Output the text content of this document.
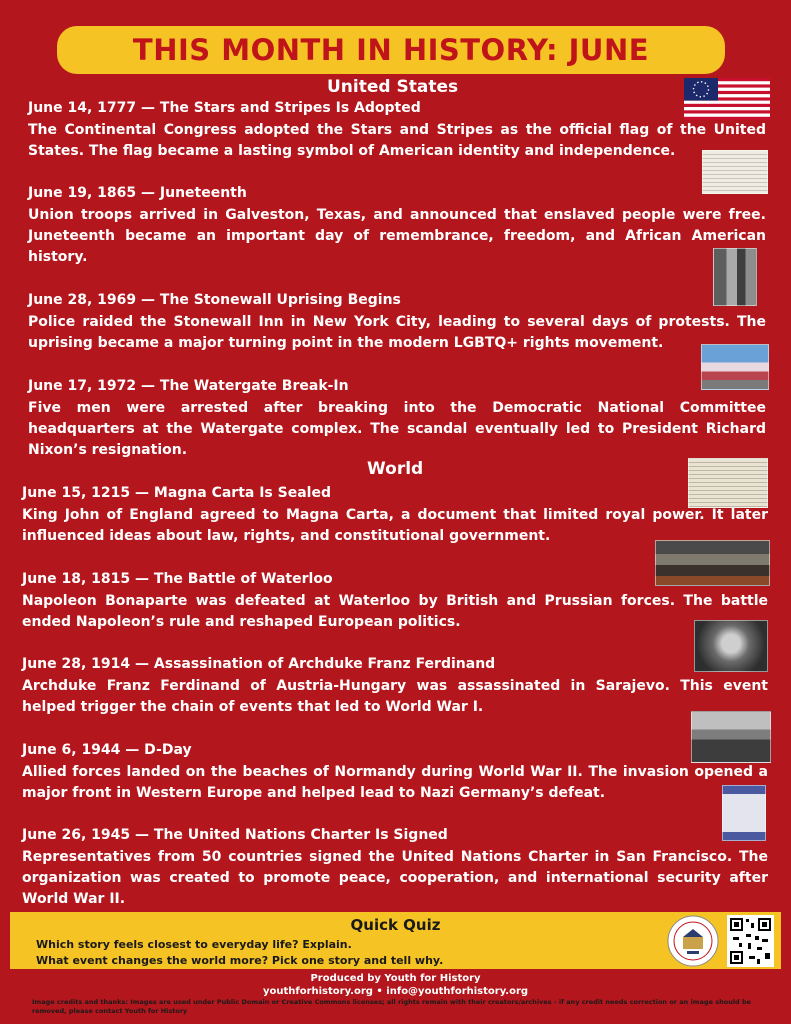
THIS MONTH IN HISTORY: JUNE
United States
June 14, 1777 — The Stars and Stripes Is Adopted

The Continental Congress adopted the Stars and Stripes as the official flag of the United States. The flag became a lasting symbol of American identity and independence.

June 19, 1865 — Juneteenth

Union troops arrived in Galveston, Texas, and announced that enslaved people were free. Juneteenth became an important day of remembrance, freedom, and African American history.

June 28, 1969 — The Stonewall Uprising Begins

Police raided the Stonewall Inn in New York City, leading to several days of protests. The uprising became a major turning point in the modern LGBTQ+ rights movement.

June 17, 1972 — The Watergate Break-In

Five men were arrested after breaking into the Democratic National Committee headquarters at the Watergate complex. The scandal eventually led to President Richard Nixon’s resignation.

World
June 15, 1215 — Magna Carta Is Sealed

King John of England agreed to Magna Carta, a document that limited royal power. It later influenced ideas about law, rights, and constitutional government.

June 18, 1815 — The Battle of Waterloo

Napoleon Bonaparte was defeated at Waterloo by British and Prussian forces. The battle ended Napoleon’s rule and reshaped European politics.

June 28, 1914 — Assassination of Archduke Franz Ferdinand

Archduke Franz Ferdinand of Austria-Hungary was assassinated in Sarajevo. This event helped trigger the chain of events that led to World War I.

June 6, 1944 — D-Day

Allied forces landed on the beaches of Normandy during World War II. The invasion opened a major front in Western Europe and helped lead to Nazi Germany’s defeat.

June 26, 1945 — The United Nations Charter Is Signed

Representatives from 50 countries signed the United Nations Charter in San Francisco. The organization was created to promote peace, cooperation, and international security after World War II.

Quick Quiz
Which story feels closest to everyday life? Explain.
What event changes the world more? Pick one story and tell why.
Produced by Youth for History
youthforhistory.org • info@youthforhistory.org
Image credits and thanks: Images are used under Public Domain or Creative Commons licenses; all rights remain with their creators/archives - if any credit needs correction or an image should be removed, please contact Youth for History
